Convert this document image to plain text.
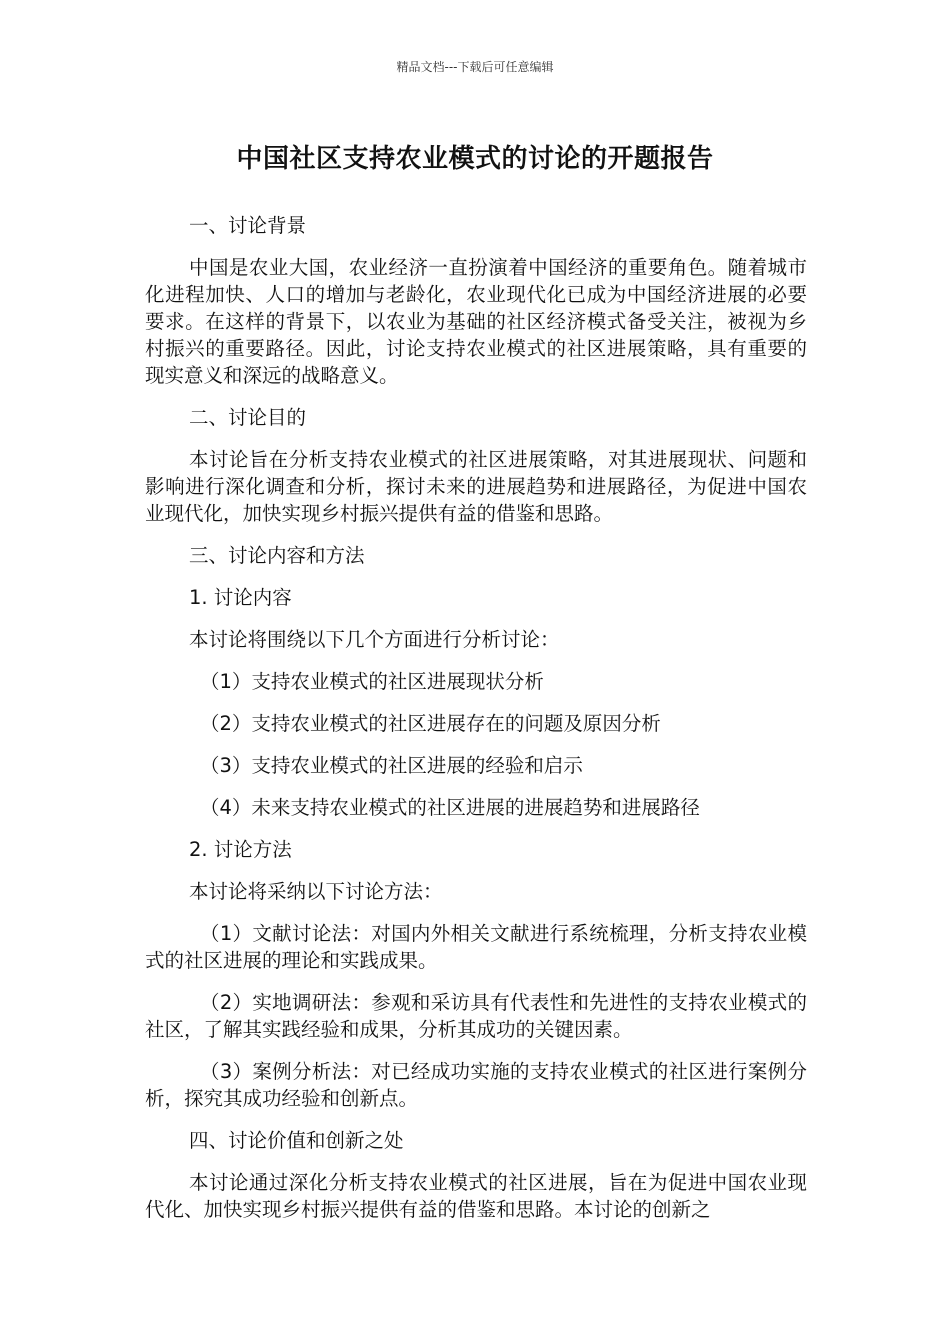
精品文档---下载后可任意编辑
中国社区支持农业模式的讨论的开题报告

一、讨论背景

中国是农业大国，农业经济一直扮演着中国经济的重要角色。随着城市化进程加快、人口的增加与老龄化，农业现代化已成为中国经济进展的必要要求。在这样的背景下，以农业为基础的社区经济模式备受关注，被视为乡村振兴的重要路径。因此，讨论支持农业模式的社区进展策略，具有重要的现实意义和深远的战略意义。

二、讨论目的

本讨论旨在分析支持农业模式的社区进展策略，对其进展现状、问题和影响进行深化调查和分析，探讨未来的进展趋势和进展路径，为促进中国农业现代化，加快实现乡村振兴提供有益的借鉴和思路。

三、讨论内容和方法

1. 讨论内容

本讨论将围绕以下几个方面进行分析讨论：

（1）支持农业模式的社区进展现状分析

（2）支持农业模式的社区进展存在的问题及原因分析

（3）支持农业模式的社区进展的经验和启示

（4）未来支持农业模式的社区进展的进展趋势和进展路径

2. 讨论方法

本讨论将采纳以下讨论方法：

（1）文献讨论法：对国内外相关文献进行系统梳理，分析支持农业模式的社区进展的理论和实践成果。

（2）实地调研法：参观和采访具有代表性和先进性的支持农业模式的社区，了解其实践经验和成果，分析其成功的关键因素。

（3）案例分析法：对已经成功实施的支持农业模式的社区进行案例分析，探究其成功经验和创新点。

四、讨论价值和创新之处

本讨论通过深化分析支持农业模式的社区进展，旨在为促进中国农业现代化、加快实现乡村振兴提供有益的借鉴和思路。本讨论的创新之
